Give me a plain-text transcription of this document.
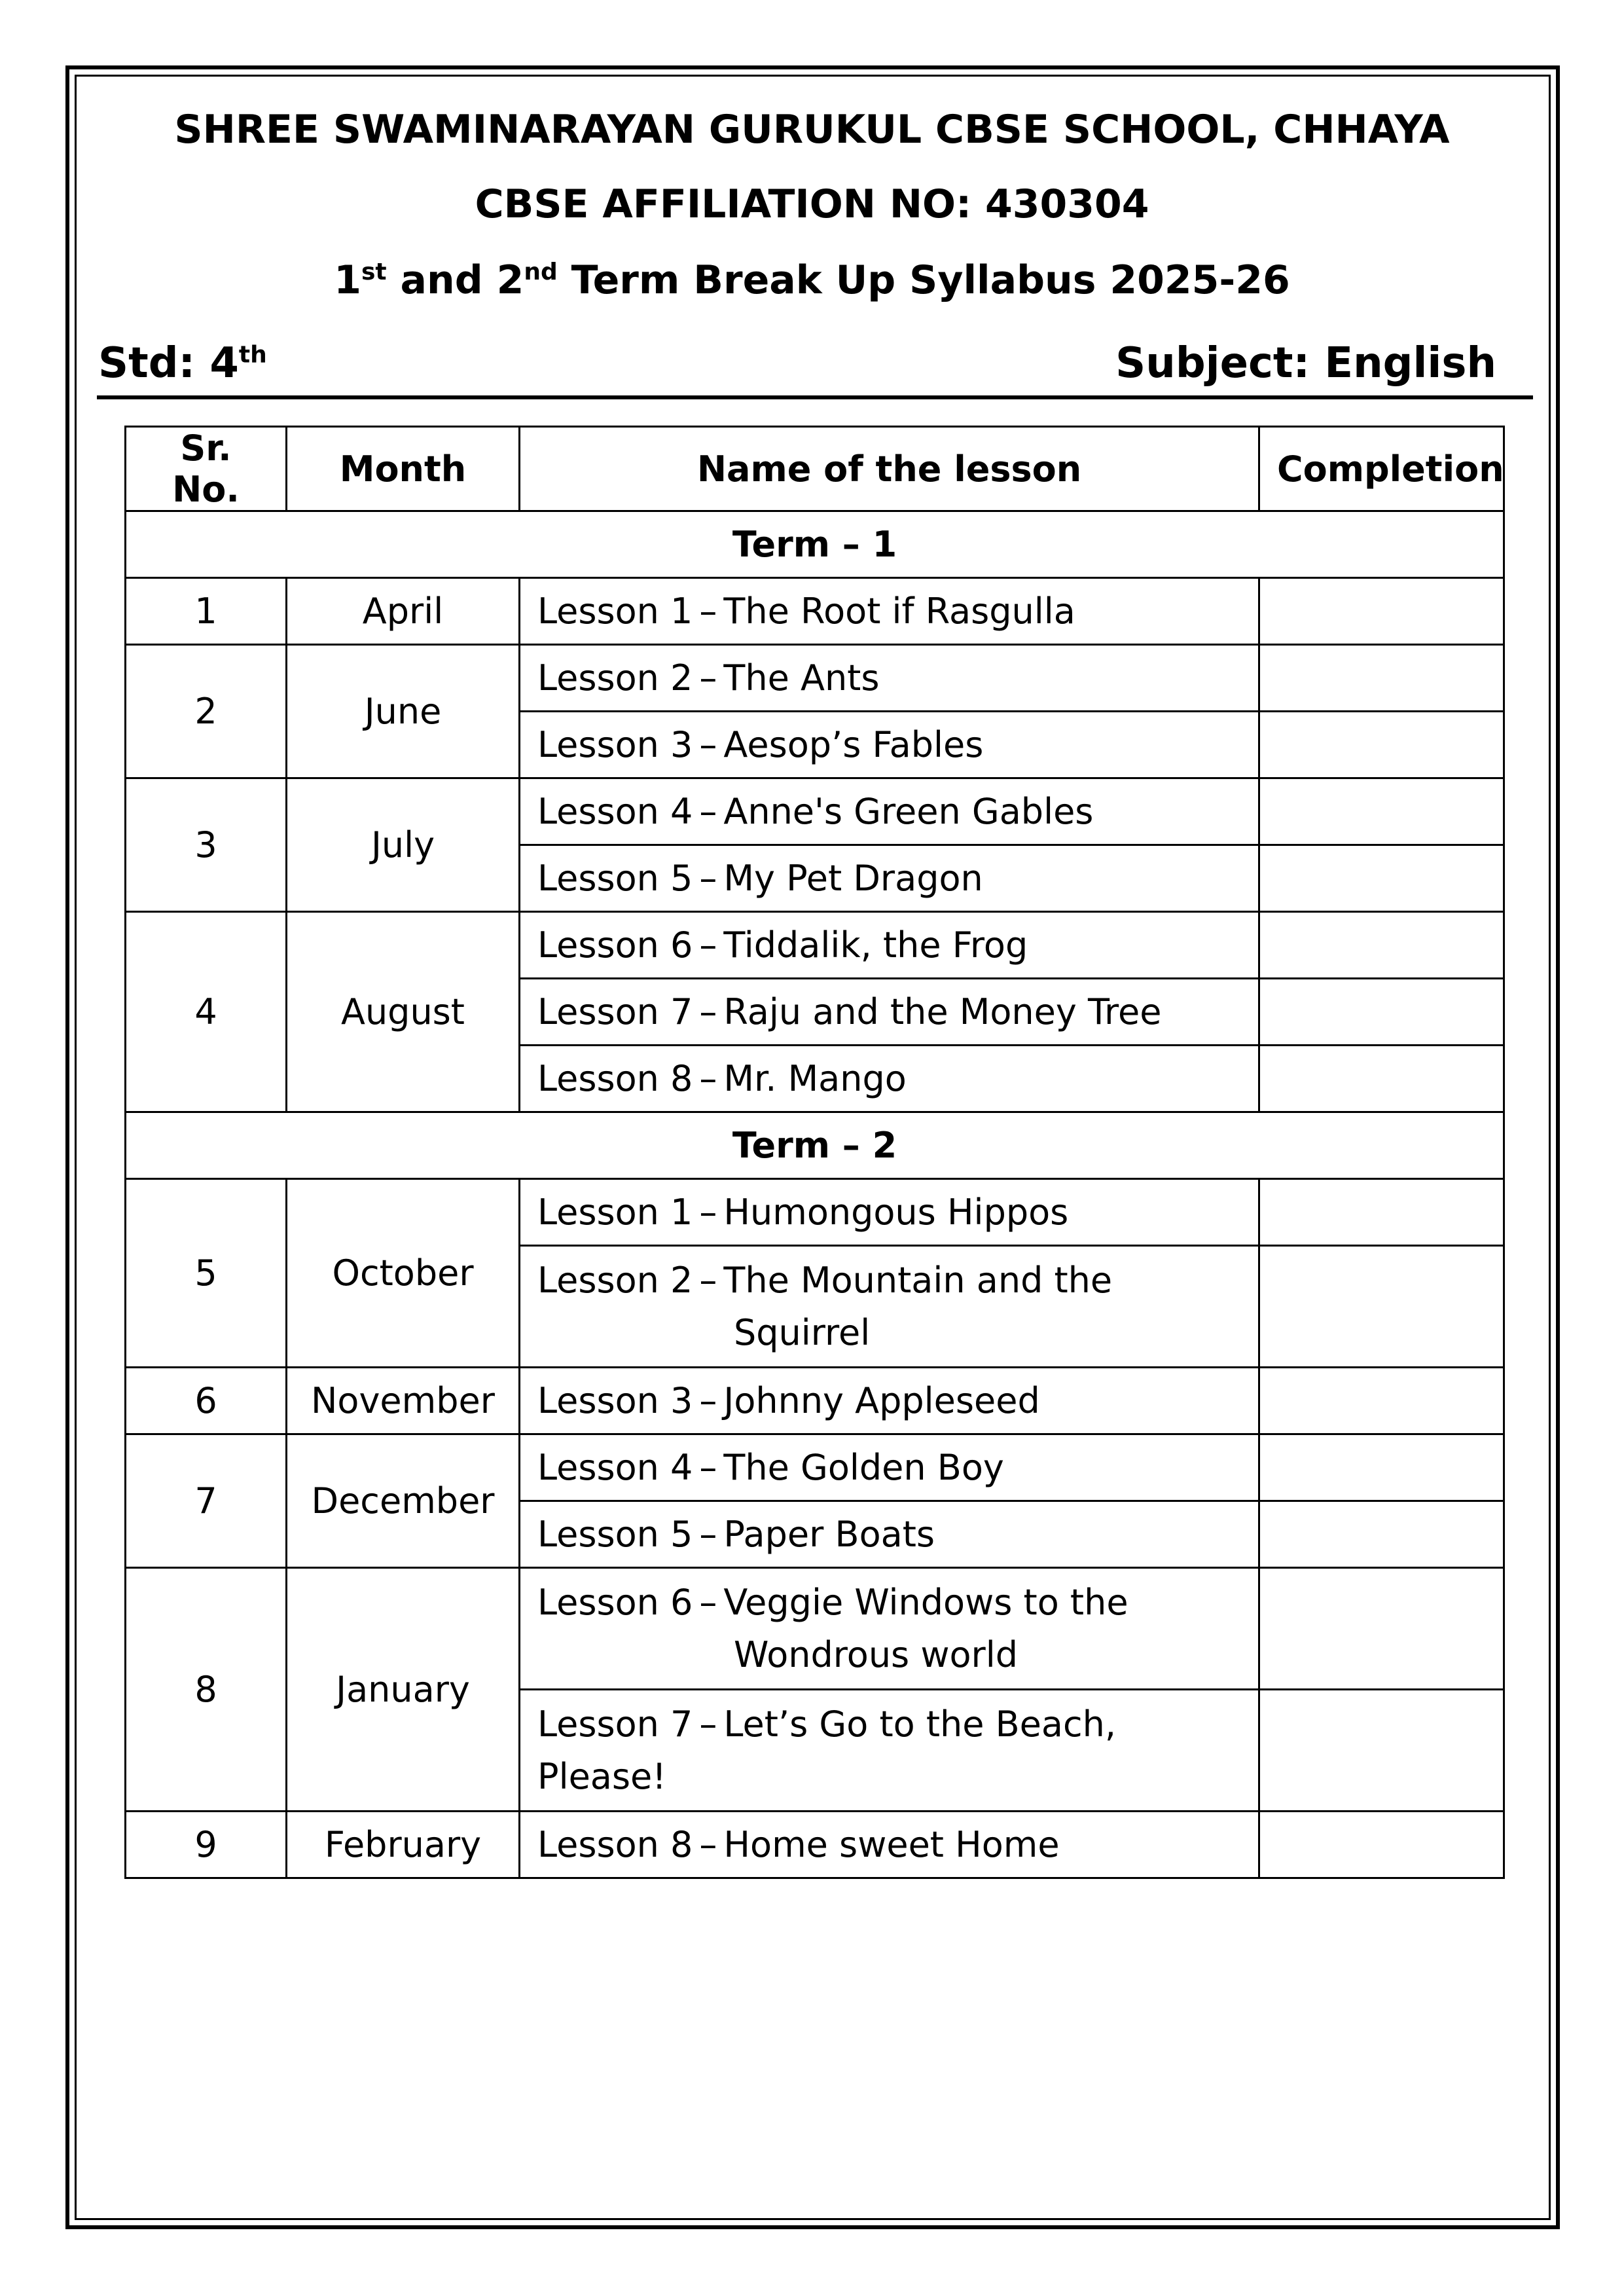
SHREE SWAMINARAYAN GURUKUL CBSE SCHOOL, CHHAYA
CBSE AFFILIATION NO: 430304
1st and 2nd Term Break Up Syllabus 2025-26
Std: 4th	Subject: English
Sr. No.	Month	Name of the lesson	Completion
Term – 1			
1	April	Lesson 1 – The Root if Rasgulla	
2	June	Lesson 2 – The Ants	
		Lesson 3 – Aesop’s Fables	
3	July	Lesson 4 – Anne's Green Gables	
		Lesson 5 – My Pet Dragon	
4	August	Lesson 6 – Tiddalik, the Frog	
		Lesson 7 – Raju and the Money Tree	
		Lesson 8 – Mr. Mango	
Term – 2			
5	October	Lesson 1 – Humongous Hippos	
		Lesson 2 – The Mountain and the
Squirrel	

6	November	Lesson 3 – Johnny Appleseed	
7	December	Lesson 4 – The Golden Boy	
		Lesson 5 – Paper Boats	
8	January	Lesson 6 – Veggie Windows to the
Wondrous world	

		Lesson 7 – Let’s Go to the Beach,
Please!	

9	February	Lesson 8 – Home sweet Home	
